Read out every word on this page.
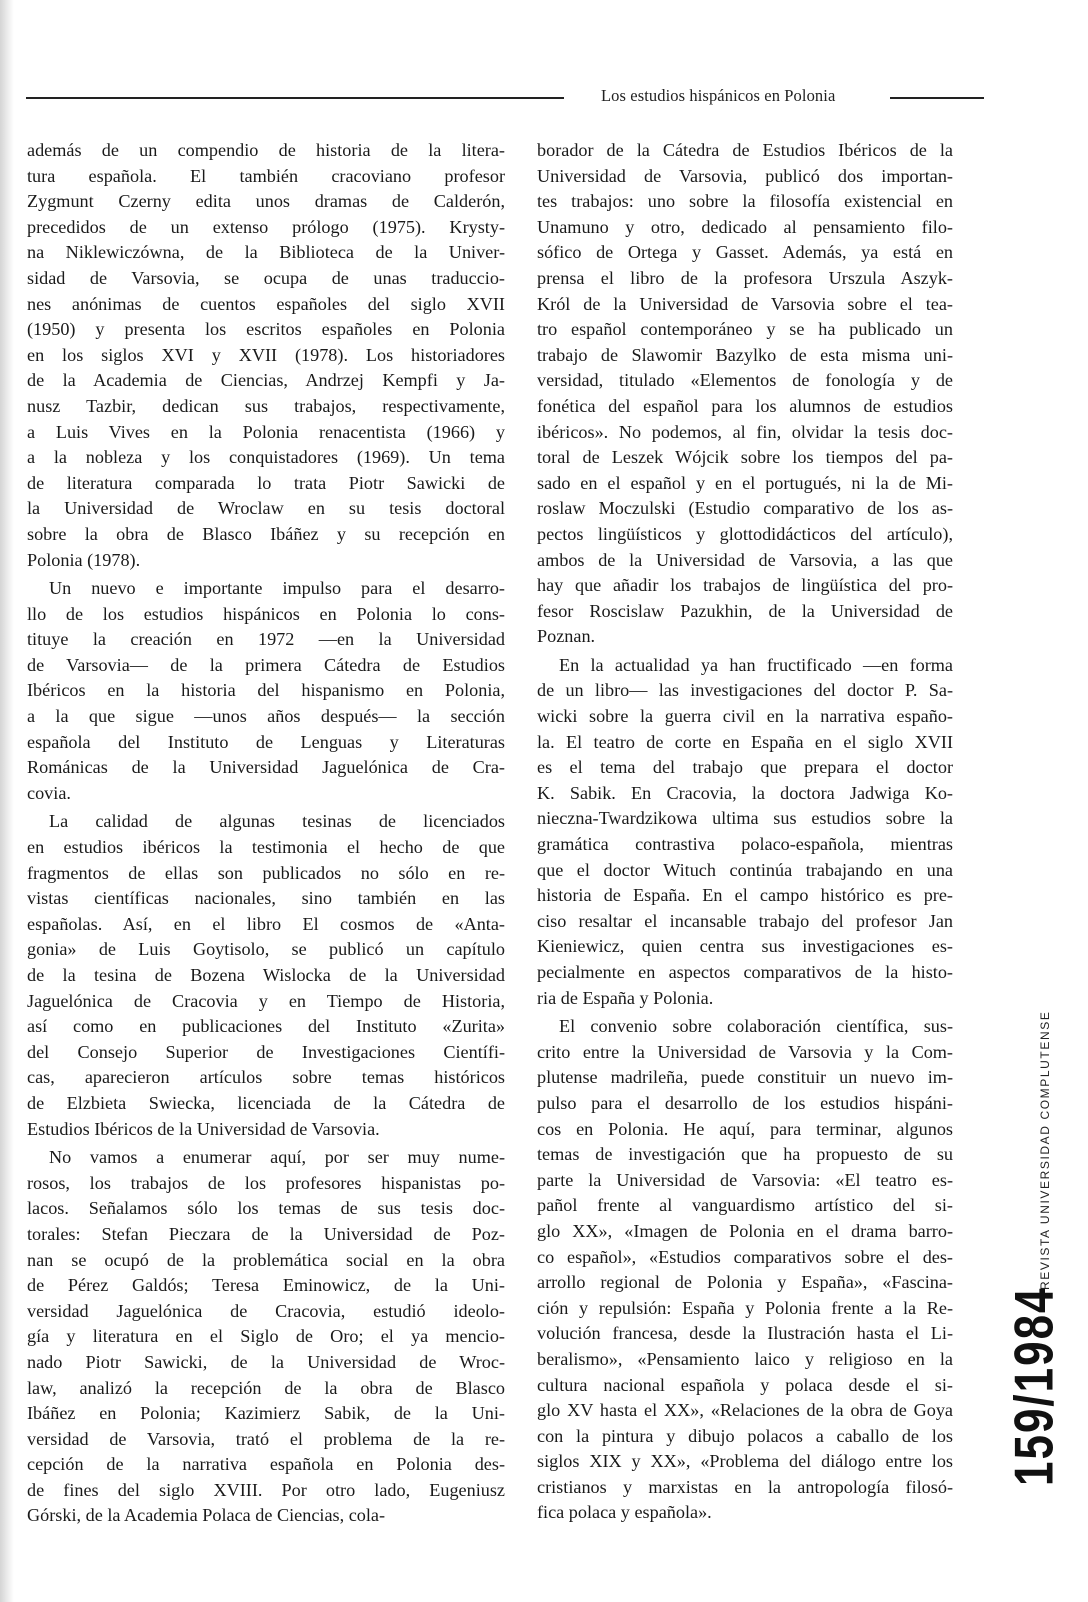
Los estudios hispánicos en Polonia
además de un compendio de historia de la litera-
tura española. El también cracoviano profesor
Zygmunt Czerny edita unos dramas de Calderón,
precedidos de un extenso prólogo (1975). Krysty-
na Niklewiczówna, de la Biblioteca de la Univer-
sidad de Varsovia, se ocupa de unas traduccio-
nes anónimas de cuentos españoles del siglo XVII
(1950) y presenta los escritos españoles en Polonia
en los siglos XVI y XVII (1978). Los historiadores
de la Academia de Ciencias, Andrzej Kempfi y Ja-
nusz Tazbir, dedican sus trabajos, respectivamente,
a Luis Vives en la Polonia renacentista (1966) y
a la nobleza y los conquistadores (1969). Un tema
de literatura comparada lo trata Piotr Sawicki de
la Universidad de Wroclaw en su tesis doctoral
sobre la obra de Blasco Ibáñez y su recepción en
Polonia (1978).
Un nuevo e importante impulso para el desarro-
llo de los estudios hispánicos en Polonia lo cons-
tituye la creación en 1972 —en la Universidad
de Varsovia— de la primera Cátedra de Estudios
Ibéricos en la historia del hispanismo en Polonia,
a la que sigue —unos años después— la sección
española del Instituto de Lenguas y Literaturas
Románicas de la Universidad Jaguelónica de Cra-
covia.
La calidad de algunas tesinas de licenciados
en estudios ibéricos la testimonia el hecho de que
fragmentos de ellas son publicados no sólo en re-
vistas científicas nacionales, sino también en las
españolas. Así, en el libro El cosmos de «Anta-
gonia» de Luis Goytisolo, se publicó un capítulo
de la tesina de Bozena Wislocka de la Universidad
Jaguelónica de Cracovia y en Tiempo de Historia,
así como en publicaciones del Instituto «Zurita»
del Consejo Superior de Investigaciones Científi-
cas, aparecieron artículos sobre temas históricos
de Elzbieta Swiecka, licenciada de la Cátedra de
Estudios Ibéricos de la Universidad de Varsovia.
No vamos a enumerar aquí, por ser muy nume-
rosos, los trabajos de los profesores hispanistas po-
lacos. Señalamos sólo los temas de sus tesis doc-
torales: Stefan Pieczara de la Universidad de Poz-
nan se ocupó de la problemática social en la obra
de Pérez Galdós; Teresa Eminowicz, de la Uni-
versidad Jaguelónica de Cracovia, estudió ideolo-
gía y literatura en el Siglo de Oro; el ya mencio-
nado Piotr Sawicki, de la Universidad de Wroc-
law, analizó la recepción de la obra de Blasco
Ibáñez en Polonia; Kazimierz Sabik, de la Uni-
versidad de Varsovia, trató el problema de la re-
cepción de la narrativa española en Polonia des-
de fines del siglo XVIII. Por otro lado, Eugeniusz
Górski, de la Academia Polaca de Ciencias, cola-
borador de la Cátedra de Estudios Ibéricos de la
Universidad de Varsovia, publicó dos importan-
tes trabajos: uno sobre la filosofía existencial en
Unamuno y otro, dedicado al pensamiento filo-
sófico de Ortega y Gasset. Además, ya está en
prensa el libro de la profesora Urszula Aszyk-
Król de la Universidad de Varsovia sobre el tea-
tro español contemporáneo y se ha publicado un
trabajo de Slawomir Bazylko de esta misma uni-
versidad, titulado «Elementos de fonología y de
fonética del español para los alumnos de estudios
ibéricos». No podemos, al fin, olvidar la tesis doc-
toral de Leszek Wójcik sobre los tiempos del pa-
sado en el español y en el portugués, ni la de Mi-
roslaw Moczulski (Estudio comparativo de los as-
pectos lingüísticos y glottodidácticos del artículo),
ambos de la Universidad de Varsovia, a las que
hay que añadir los trabajos de lingüística del pro-
fesor Roscislaw Pazukhin, de la Universidad de
Poznan.
En la actualidad ya han fructificado —en forma
de un libro— las investigaciones del doctor P. Sa-
wicki sobre la guerra civil en la narrativa españo-
la. El teatro de corte en España en el siglo XVII
es el tema del trabajo que prepara el doctor
K. Sabik. En Cracovia, la doctora Jadwiga Ko-
nieczna-Twardzikowa ultima sus estudios sobre la
gramática contrastiva polaco-española, mientras
que el doctor Wituch continúa trabajando en una
historia de España. En el campo histórico es pre-
ciso resaltar el incansable trabajo del profesor Jan
Kieniewicz, quien centra sus investigaciones es-
pecialmente en aspectos comparativos de la histo-
ria de España y Polonia.
El convenio sobre colaboración científica, sus-
crito entre la Universidad de Varsovia y la Com-
plutense madrileña, puede constituir un nuevo im-
pulso para el desarrollo de los estudios hispáni-
cos en Polonia. He aquí, para terminar, algunos
temas de investigación que ha propuesto de su
parte la Universidad de Varsovia: «El teatro es-
pañol frente al vanguardismo artístico del si-
glo XX», «Imagen de Polonia en el drama barro-
co español», «Estudios comparativos sobre el des-
arrollo regional de Polonia y España», «Fascina-
ción y repulsión: España y Polonia frente a la Re-
volución francesa, desde la Ilustración hasta el Li-
beralismo», «Pensamiento laico y religioso en la
cultura nacional española y polaca desde el si-
glo XV hasta el XX», «Relaciones de la obra de Goya
con la pintura y dibujo polacos a caballo de los
siglos XIX y XX», «Problema del diálogo entre los
cristianos y marxistas en la antropología filosó-
fica polaca y española».
159/1984
REVISTA UNIVERSIDAD COMPLUTENSE
